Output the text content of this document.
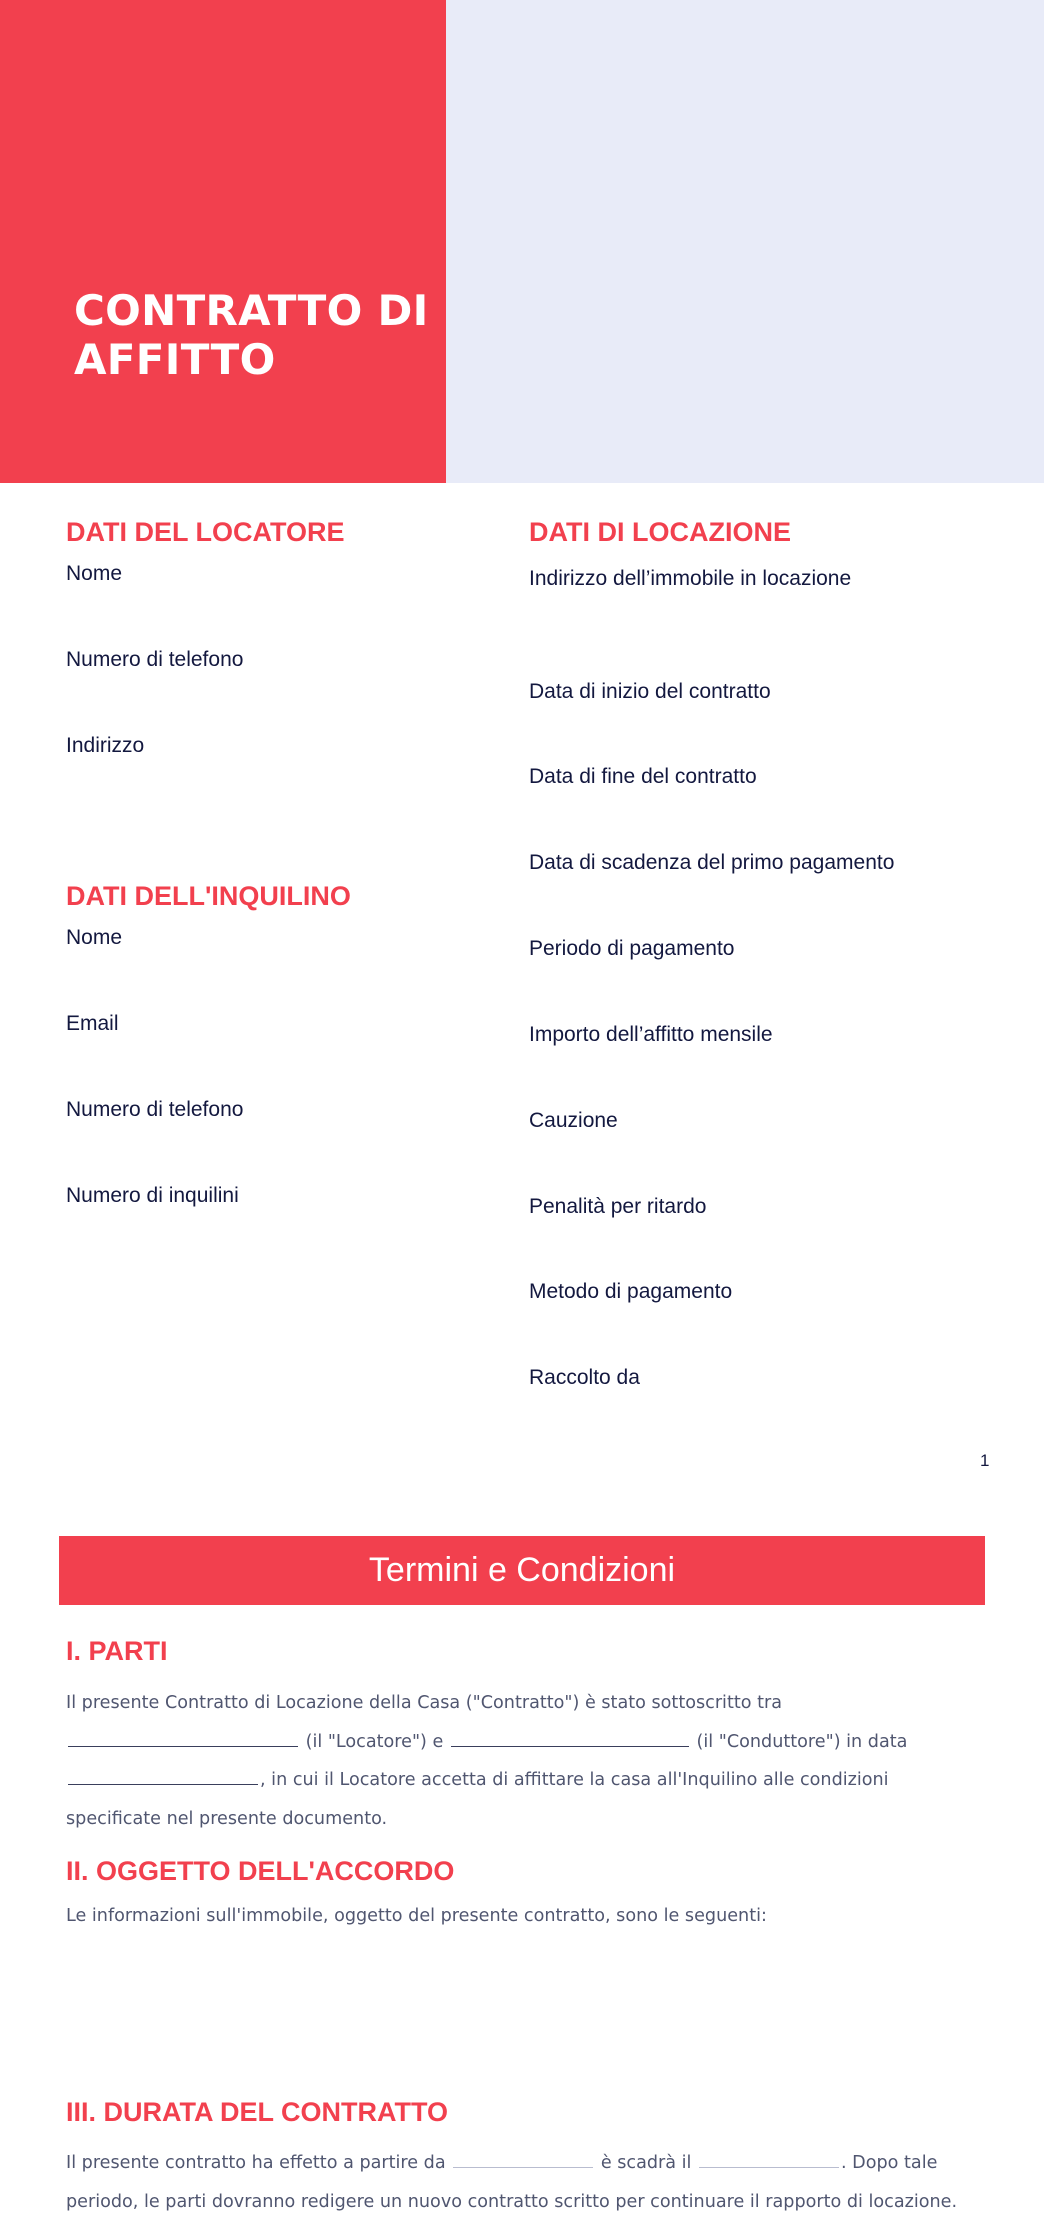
CONTRATTO DI
AFFITTO
DATI DEL LOCATORE
Nome
Numero di telefono
Indirizzo
DATI DELL'INQUILINO
Nome
Email
Numero di telefono
Numero di inquilini
DATI DI LOCAZIONE
Indirizzo dell’immobile in locazione
Data di inizio del contratto
Data di fine del contratto
Data di scadenza del primo pagamento
Periodo di pagamento
Importo dell’affitto mensile
Cauzione
Penalità per ritardo
Metodo di pagamento
Raccolto da
1
Termini e Condizioni
I. PARTI
Il presente Contratto di Locazione della Casa ("Contratto") è stato sottoscritto tra  (il "Locatore") e	(il "Conduttore") in data , in cui il Locatore accetta di affittare la casa all'Inquilino alle condizioni specificate nel presente documento.
II. OGGETTO DELL'ACCORDO
Le informazioni sull'immobile, oggetto del presente contratto, sono le seguenti:
III. DURATA DEL CONTRATTO
Il presente contratto ha effetto a partire da	è scadrà il	. Dopo tale periodo, le parti dovranno redigere un nuovo contratto scritto per continuare il rapporto di locazione.
